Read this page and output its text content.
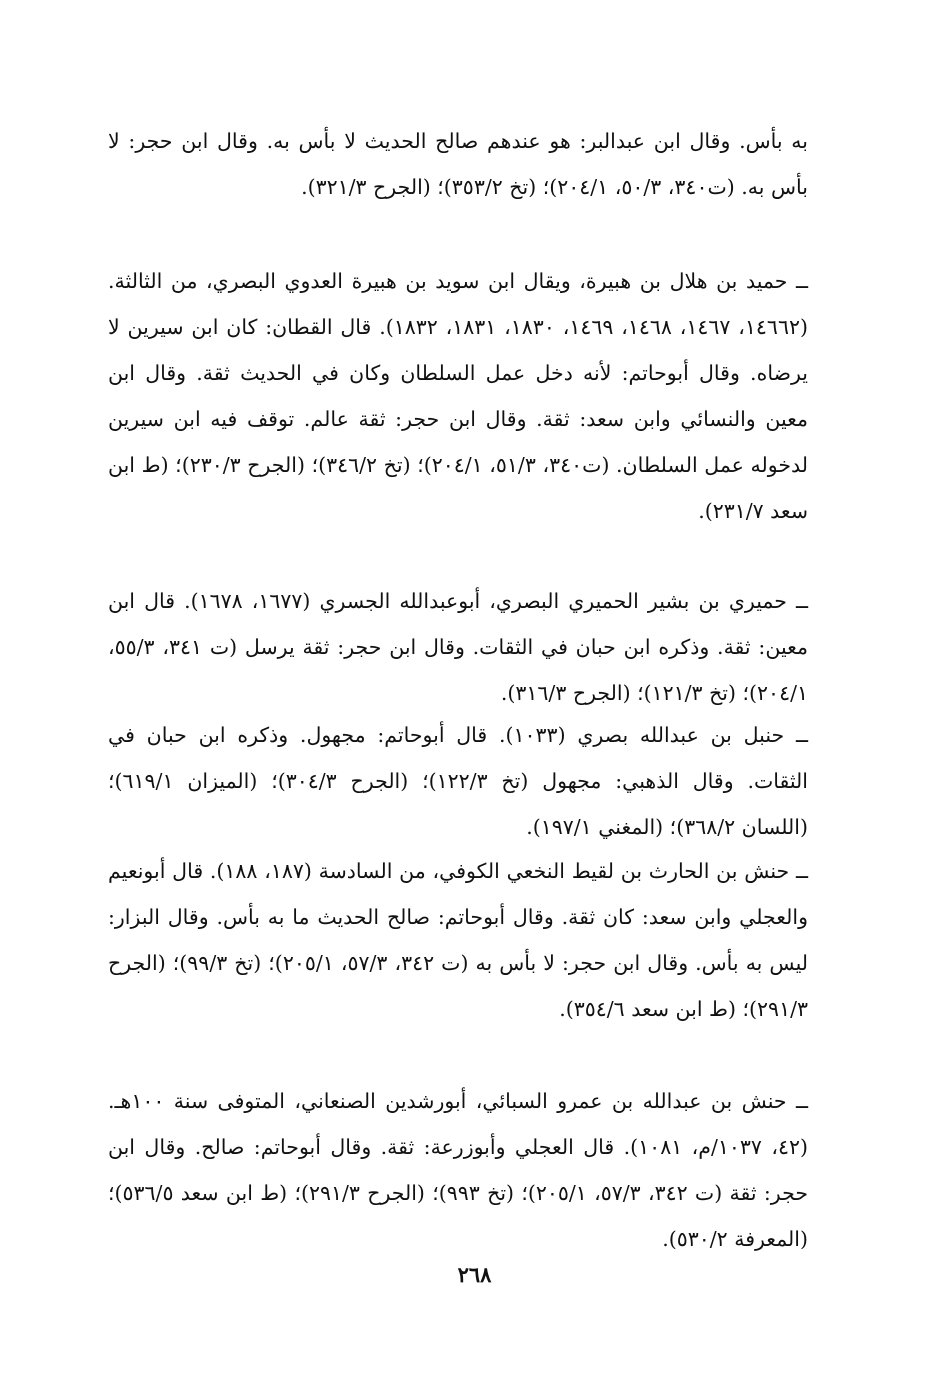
به بأس. وقال ابن عبدالبر: هو عندهم صالح الحديث لا بأس به. وقال ابن حجر: لا بأس به. (ت٣٤٠، ٥٠/٣، ٢٠٤/١)؛ (تخ ٣٥٣/٢)؛ (الجرح ٣٢١/٣).

ــ حميد بن هلال بن هبيرة، ويقال ابن سويد بن هبيرة العدوي البصري، من الثالثة. (١٤٦٦٢، ١٤٦٧، ١٤٦٨، ١٤٦٩، ١٨٣٠، ١٨٣١، ١٨٣٢). قال القطان: كان ابن سيرين لا يرضاه. وقال أبوحاتم: لأنه دخل عمل السلطان وكان في الحديث ثقة. وقال ابن معين والنسائي وابن سعد: ثقة. وقال ابن حجر: ثقة عالم. توقف فيه ابن سيرين لدخوله عمل السلطان. (ت٣٤٠، ٥١/٣، ٢٠٤/١)؛ (تخ ٣٤٦/٢)؛ (الجرح ٢٣٠/٣)؛ (ط ابن سعد ٢٣١/٧).

ــ حميري بن بشير الحميري البصري، أبوعبدالله الجسري (١٦٧٧، ١٦٧٨). قال ابن معين: ثقة. وذكره ابن حبان في الثقات. وقال ابن حجر: ثقة يرسل (ت ٣٤١، ٥٥/٣، ٢٠٤/١)؛ (تخ ١٢١/٣)؛ (الجرح ٣١٦/٣).

ــ حنبل بن عبدالله بصري (١٠٣٣). قال أبوحاتم: مجهول. وذكره ابن حبان في الثقات. وقال الذهبي: مجهول (تخ ١٢٢/٣)؛ (الجرح ٣٠٤/٣)؛ (الميزان ٦١٩/١)؛ (اللسان ٣٦٨/٢)؛ (المغني ١٩٧/١).

ــ حنش بن الحارث بن لقيط النخعي الكوفي، من السادسة (١٨٧، ١٨٨). قال أبونعيم والعجلي وابن سعد: كان ثقة. وقال أبوحاتم: صالح الحديث ما به بأس. وقال البزار: ليس به بأس. وقال ابن حجر: لا بأس به (ت ٣٤٢، ٥٧/٣، ٢٠٥/١)؛ (تخ ٩٩/٣)؛ (الجرح ٢٩١/٣)؛ (ط ابن سعد ٣٥٤/٦).

ــ حنش بن عبدالله بن عمرو السبائي، أبورشدين الصنعاني، المتوفى سنة ١٠٠هـ. (٤٢، ١٠٣٧/م، ١٠٨١). قال العجلي وأبوزرعة: ثقة. وقال أبوحاتم: صالح. وقال ابن حجر: ثقة (ت ٣٤٢، ٥٧/٣، ٢٠٥/١)؛ (تخ ٩٩٣)؛ (الجرح ٢٩١/٣)؛ (ط ابن سعد ٥٣٦/٥)؛ (المعرفة ٥٣٠/٢).

٢٦٨
